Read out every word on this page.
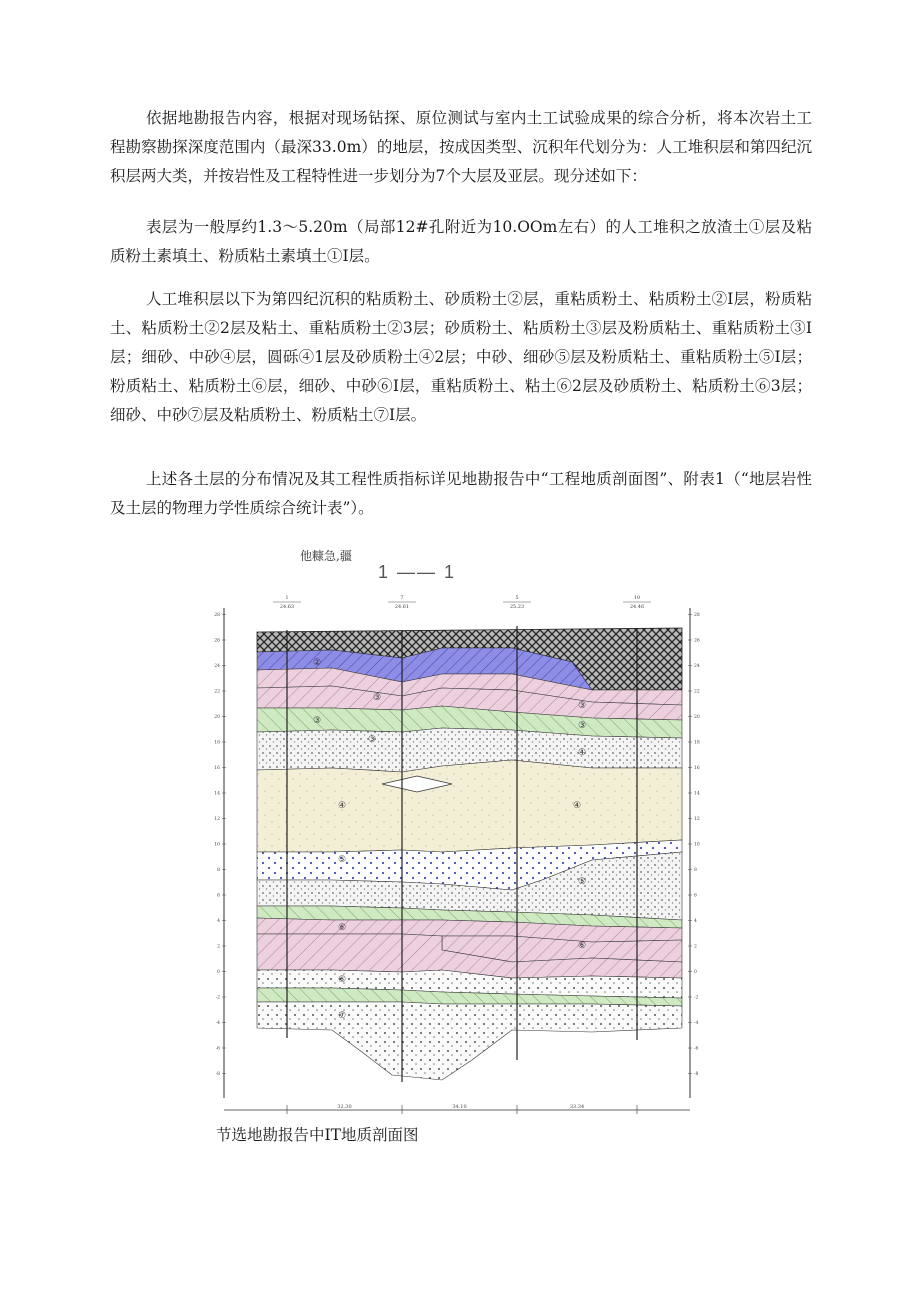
依据地勘报告内容，根据对现场钻探、原位测试与室内土工试验成果的综合分析，将本次岩土工程勘察勘探深度范围内（最深33.0m）的地层，按成因类型、沉积年代划分为：人工堆积层和第四纪沉积层两大类，并按岩性及工程特性进一步划分为7个大层及亚层。现分述如下：

表层为一般厚约1.3～5.20m（局部12#孔附近为10.OOm左右）的人工堆积之放渣土①层及粘质粉土素填土、粉质粘土素填土①I层。

人工堆积层以下为第四纪沉积的粘质粉土、砂质粉土②层，重粘质粉土、粘质粉土②I层，粉质粘土、粘质粉土②2层及粘土、重粘质粉土②3层；砂质粉土、粘质粉土③层及粉质粘土、重粘质粉土③I层；细砂、中砂④层，圆砾④1层及砂质粉土④2层；中砂、细砂⑤层及粉质粘土、重粘质粉土⑤I层；粉质粘土、粘质粉土⑥层，细砂、中砂⑥I层，重粘质粉土、粘土⑥2层及砂质粉土、粘质粉土⑥3层；细砂、中砂⑦层及粘质粉土、粉质粘土⑦I层。

上述各土层的分布情况及其工程性质指标详见地勘报告中“工程地质剖面图”、附表1（“地层岩性及土层的物理力学性质综合统计表”）。

他糠急,疆
1 —— 1
1
24.63
7
24.61
5
25.23
10
24.46
②
③
③
③	③
③
④
④	④
⑤
⑤
⑥
⑥
⑥
⑦
28	28
26	26
24	24
22	22
20	20
18	18
16	16
14	14
12	12
10	10
8	8
6	6
4	4
2	2
0	0
-2	-2
-4	-4
-6	-6
-8	-8
32.30	34.10	33.34
节选地勘报告中IT地质剖面图
